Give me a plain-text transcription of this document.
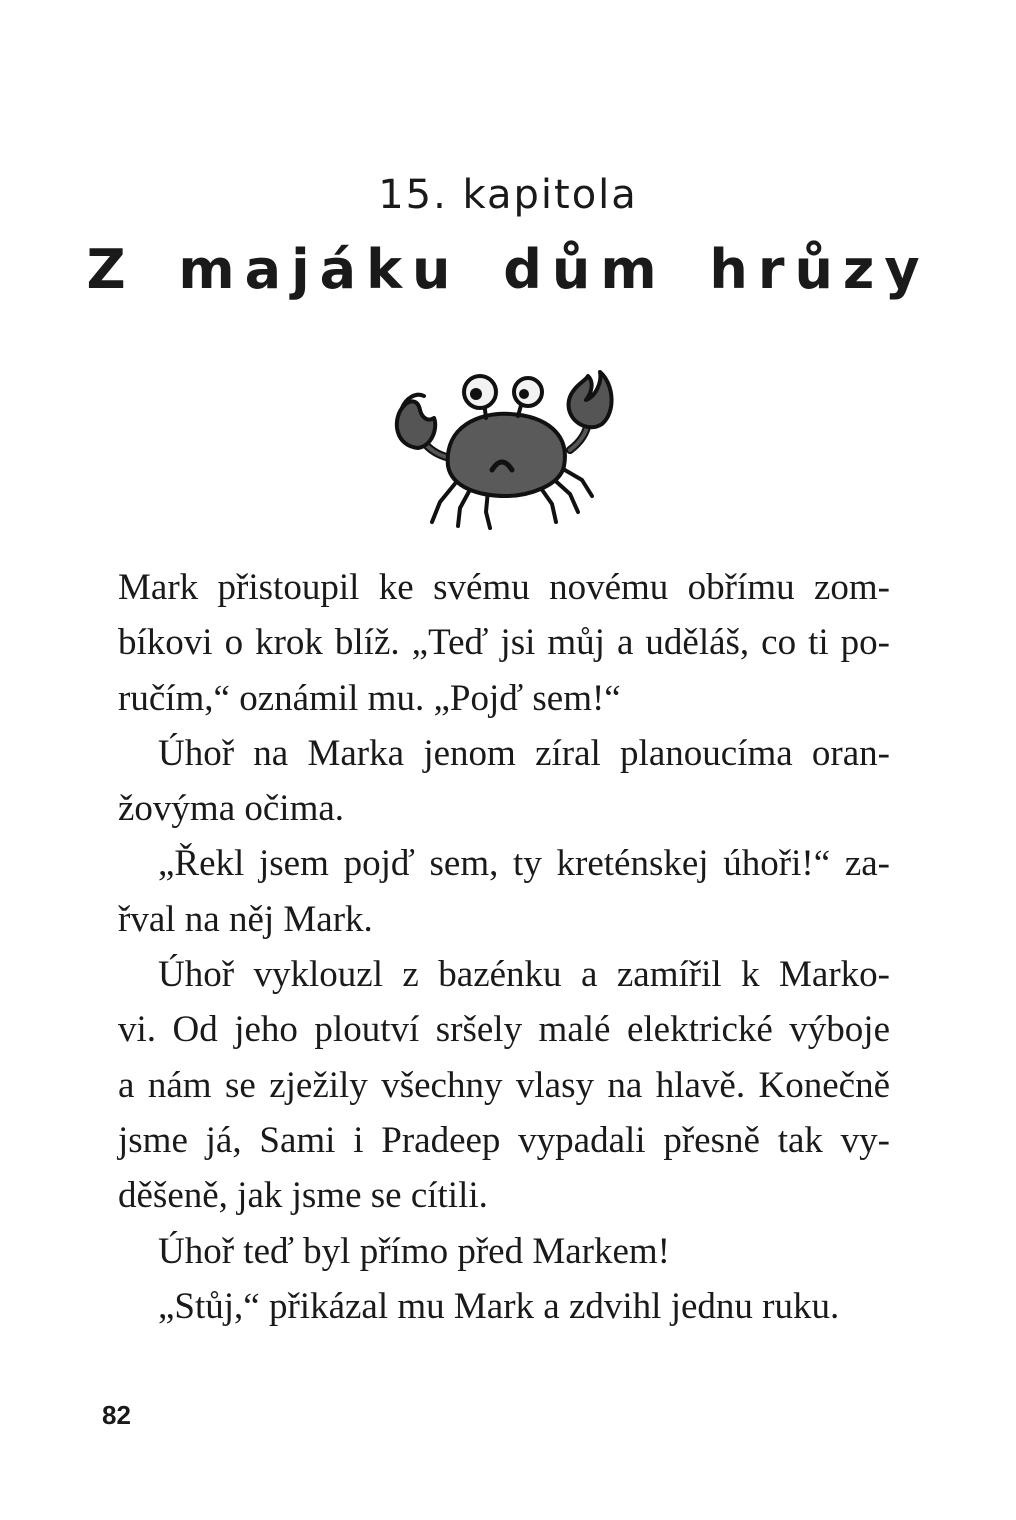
15. kapitola
Z majáku dům hrůzy
Mark přistoupil ke svému novému obřímu zom-
bíkovi o krok blíž. „Teď jsi můj a uděláš, co ti po-
ručím,“ oznámil mu. „Pojď sem!“
Úhoř na Marka jenom zíral planoucíma oran-
žovýma očima.
„Řekl jsem pojď sem, ty kreténskej úhoři!“ za-
řval na něj Mark.
Úhoř vyklouzl z bazénku a zamířil k Marko-
vi. Od jeho ploutví sršely malé elektrické výboje
a nám se zježily všechny vlasy na hlavě. Konečně
jsme já, Sami i Pradeep vypadali přesně tak vy-
děšeně, jak jsme se cítili.
Úhoř teď byl přímo před Markem!
„Stůj,“ přikázal mu Mark a zdvihl jednu ruku.
82
